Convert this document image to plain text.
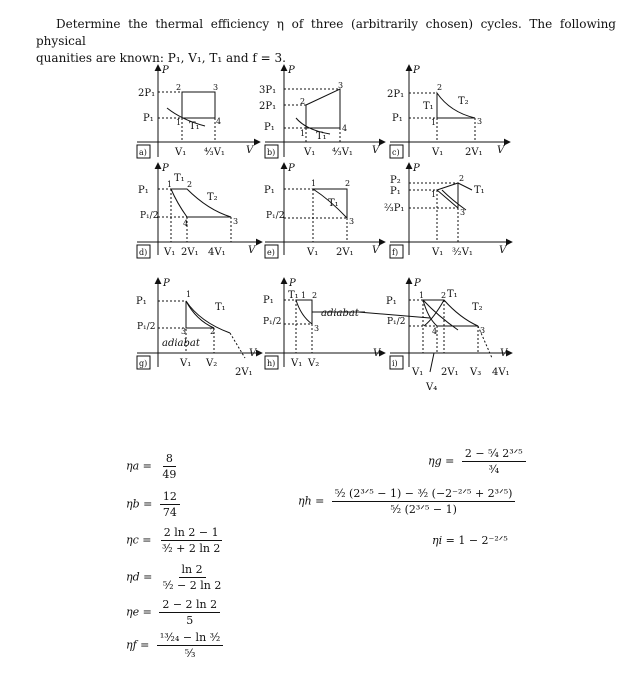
Determine the thermal efficiency η of three (arbitrarily chosen) cycles. The following physical

quanities are known: P₁, V₁, T₁ and f = 3.

P
V
2P₁
P₁
V₁ ⁴⁄₃V₁
1
2	3
4
T₁
a)
P
V
3P₁
2P₁
P₁
V₁ ⁴⁄₃V₁
1
2
3
4
T₁
b)
P
V
2P₁
P₁
V₁ 2V₁
1
2
3
T₁ T₂
c)
P
V
P₁
P₁/2
V₁ 2V₁ 4V₁
1 2
3
4
T₁
T₂
d)
P
V
P₁
P₁/2
V₁ 2V₁
1	2
3
T₁
e)
P
V
P₂
P₁
²⁄₃P₁
V₁ ³⁄₂V₁
1
2
3
T₁
f)
P
V
P₁
P₁/2
V₁ V₂
2V₁
1
2
3
T₁
adiabat
g)
P
V
P₁
P₁/2
V₁ V₂
1 2
3
T₁
adiabat
h)
P
V
P₁
P₁/2
V₁ 2V₁ V₃ 4V₁
V₄
1 2
3
4
T₁
T₂
i)
$\eta a = \frac{8}{49}$
$\eta b = \frac{12}{74}$
$\eta c = \frac{2 \ln 2 - 1}{\text{³⁄₂ + 2 ln 2}}$
$\eta d = \frac{\ln 2}{\text{⁵⁄₂ − 2 ln 2}}$
$\eta e = \frac{2 - 2 \ln 2}{5}$
$\eta f = \frac{\text{¹³⁄₂₄ − ln ³⁄₂}}{\text{⁵⁄₃}}$
$\eta g = \frac{\text{2 − ⁵⁄₄ 2³ᐟ⁵}}{\text{³⁄₄}}$
$\eta h = \frac{\text{⁵⁄₂ (2³ᐟ⁵ − 1) − ³⁄₂ (−2⁻²ᐟ⁵ + 2³ᐟ⁵)}}{\text{⁵⁄₂ (2³ᐟ⁵ − 1)}}$
ηi = 1 − 2⁻²ᐟ⁵
